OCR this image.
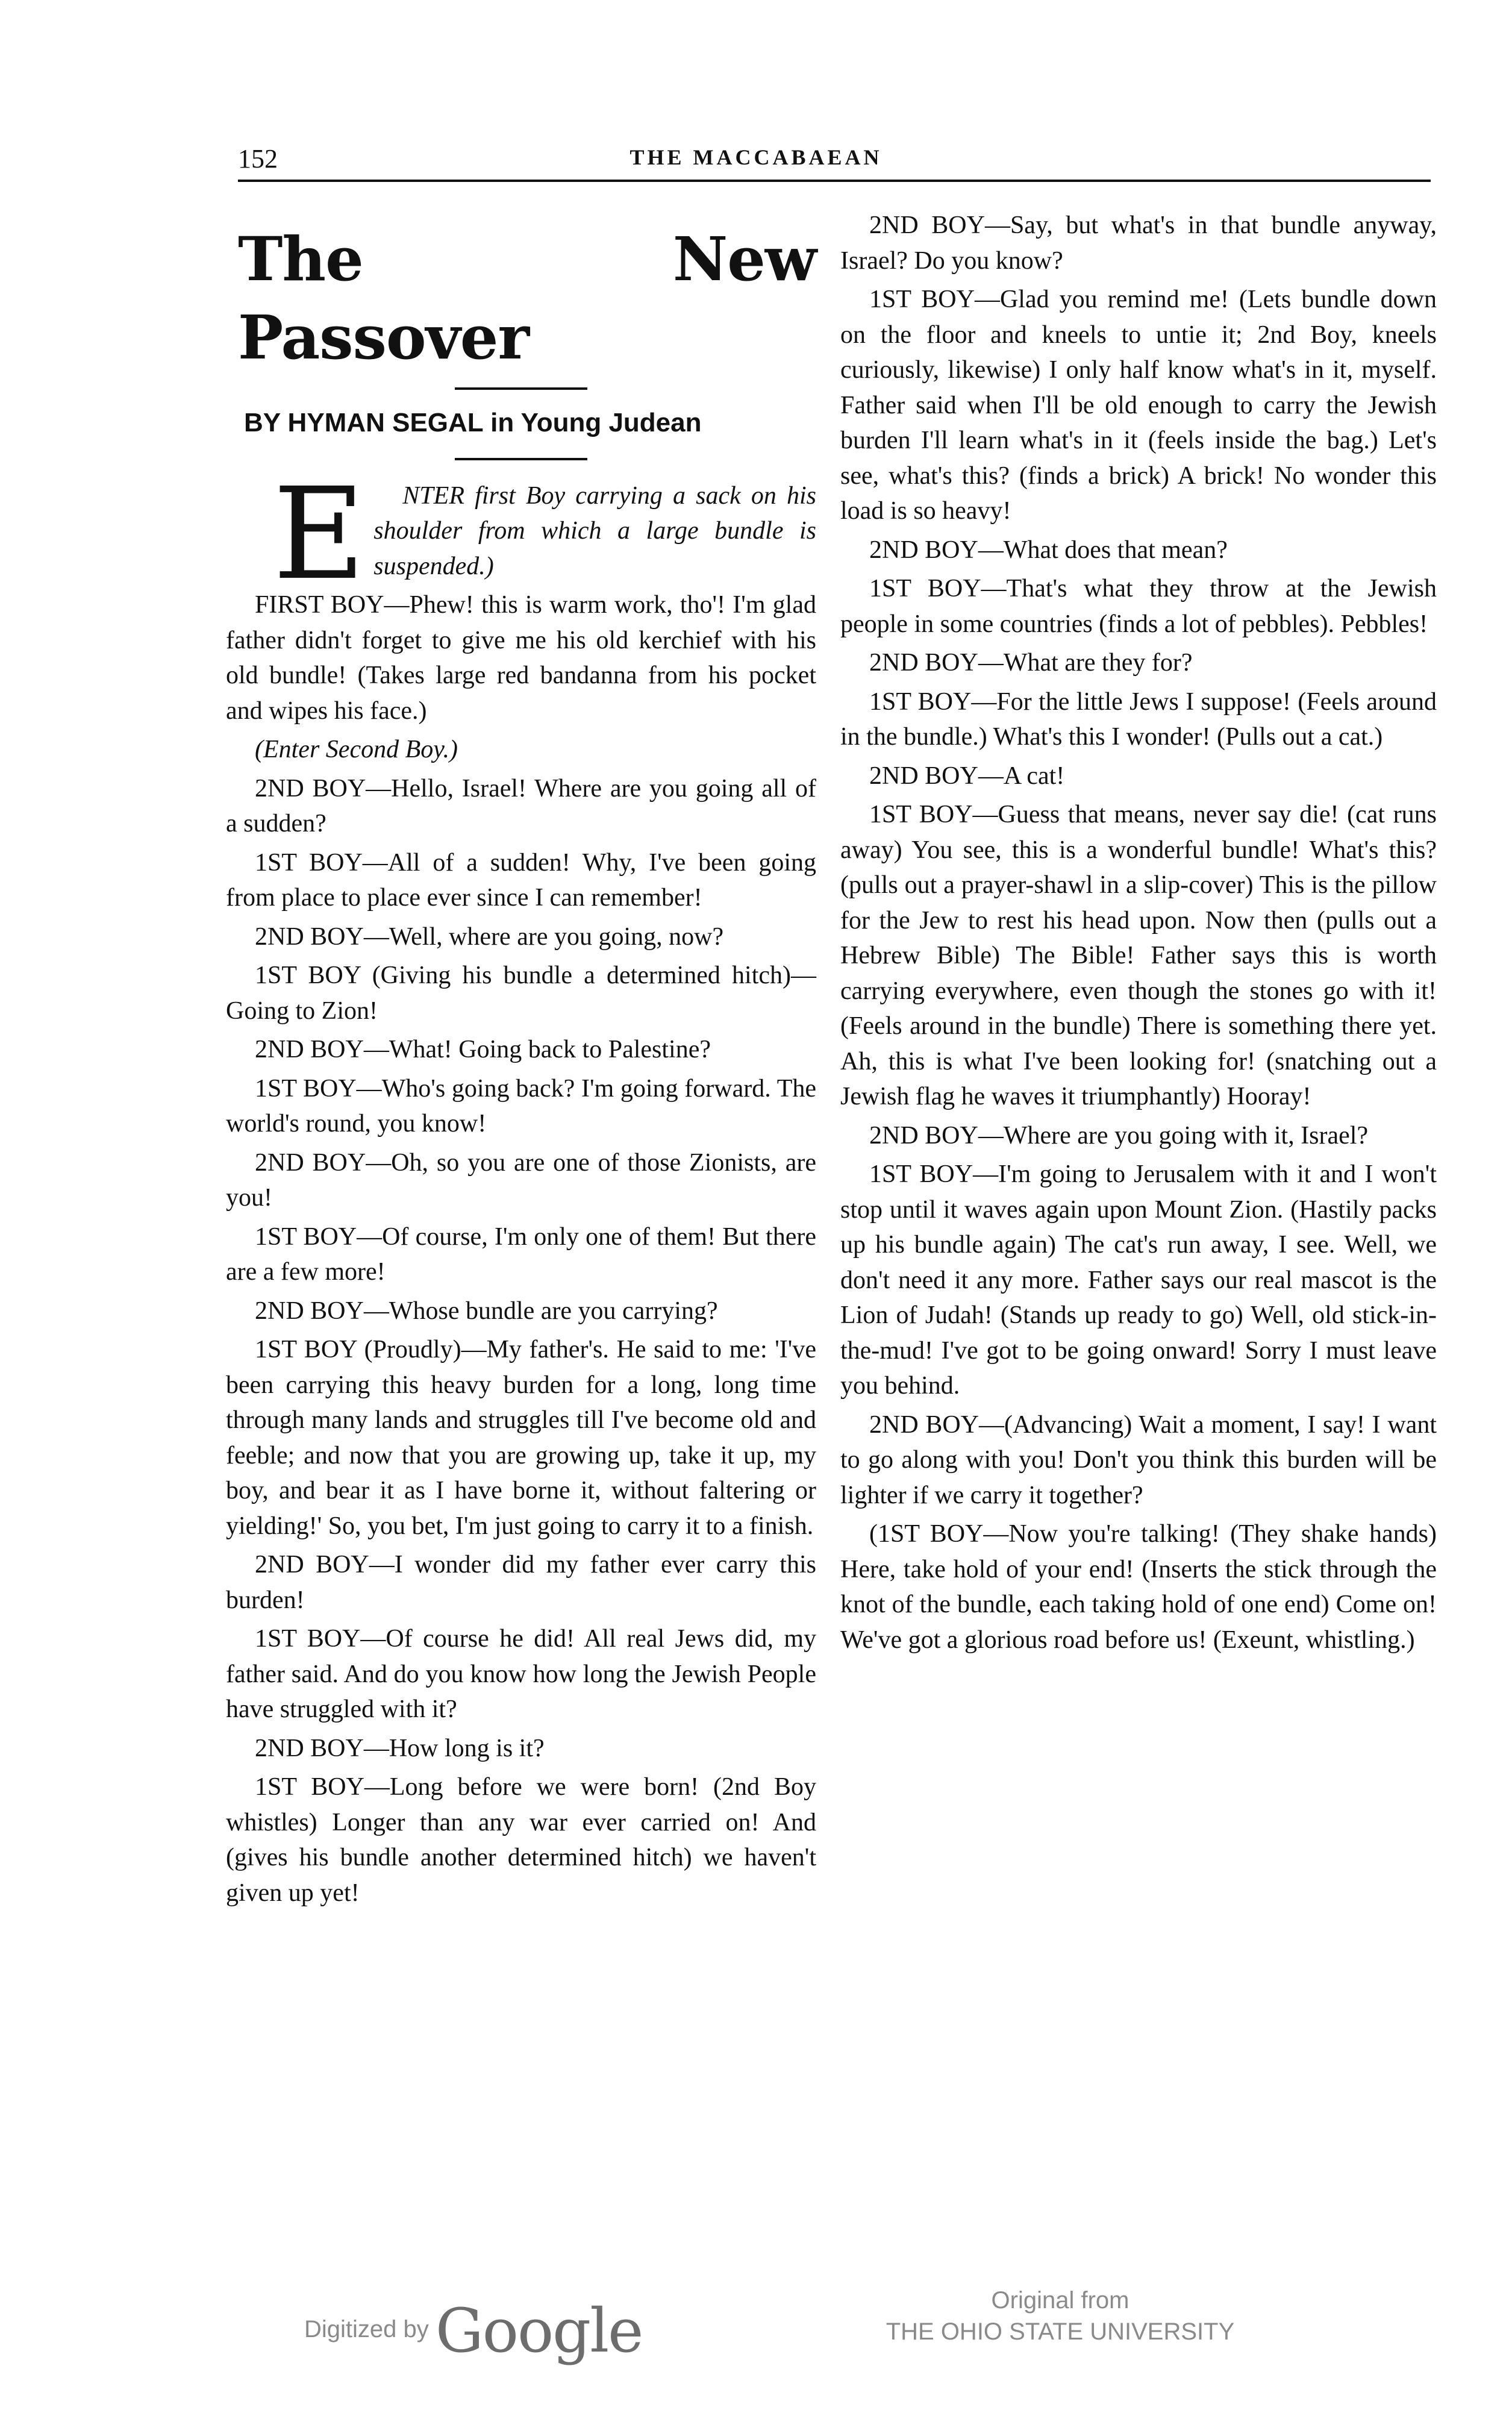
152	THE MACCABAEAN
The New Passover
BY HYMAN SEGAL in Young Judean

E NTER first Boy carrying a sack on his shoulder from which a large bundle is suspended.)

FIRST BOY—Phew! this is warm work, tho'! I'm glad father didn't forget to give me his old kerchief with his old bundle! (Takes large red bandanna from his pocket and wipes his face.)

(Enter Second Boy.)

2ND BOY—Hello, Israel! Where are you going all of a sudden?

1ST BOY—All of a sudden! Why, I've been going from place to place ever since I can remember!

2ND BOY—Well, where are you going, now?

1ST BOY (Giving his bundle a determined hitch)—Going to Zion!

2ND BOY—What! Going back to Palestine?

1ST BOY—Who's going back? I'm going forward. The world's round, you know!

2ND BOY—Oh, so you are one of those Zionists, are you!

1ST BOY—Of course, I'm only one of them! But there are a few more!

2ND BOY—Whose bundle are you carrying?

1ST BOY (Proudly)—My father's. He said to me: 'I've been carrying this heavy burden for a long, long time through many lands and struggles till I've become old and feeble; and now that you are growing up, take it up, my boy, and bear it as I have borne it, without faltering or yielding!' So, you bet, I'm just going to carry it to a finish.

2ND BOY—I wonder did my father ever carry this burden!

1ST BOY—Of course he did! All real Jews did, my father said. And do you know how long the Jewish People have struggled with it?

2ND BOY—How long is it?

1ST BOY—Long before we were born! (2nd Boy whistles) Longer than any war ever carried on! And (gives his bundle another determined hitch) we haven't given up yet!

2ND BOY—Say, but what's in that bundle anyway, Israel? Do you know?

1ST BOY—Glad you remind me! (Lets bundle down on the floor and kneels to untie it; 2nd Boy, kneels curiously, likewise) I only half know what's in it, myself. Father said when I'll be old enough to carry the Jewish burden I'll learn what's in it (feels inside the bag.) Let's see, what's this? (finds a brick) A brick! No wonder this load is so heavy!

2ND BOY—What does that mean?

1ST BOY—That's what they throw at the Jewish people in some countries (finds a lot of pebbles). Pebbles!

2ND BOY—What are they for?

1ST BOY—For the little Jews I suppose! (Feels around in the bundle.) What's this I wonder! (Pulls out a cat.)

2ND BOY—A cat!

1ST BOY—Guess that means, never say die! (cat runs away) You see, this is a wonderful bundle! What's this? (pulls out a prayer-shawl in a slip-cover) This is the pillow for the Jew to rest his head upon. Now then (pulls out a Hebrew Bible) The Bible! Father says this is worth carrying everywhere, even though the stones go with it! (Feels around in the bundle) There is something there yet. Ah, this is what I've been looking for! (snatching out a Jewish flag he waves it triumphantly) Hooray!

2ND BOY—Where are you going with it, Israel?

1ST BOY—I'm going to Jerusalem with it and I won't stop until it waves again upon Mount Zion. (Hastily packs up his bundle again) The cat's run away, I see. Well, we don't need it any more. Father says our real mascot is the Lion of Judah! (Stands up ready to go) Well, old stick-in-the-mud! I've got to be going onward! Sorry I must leave you behind.

2ND BOY—(Advancing) Wait a moment, I say! I want to go along with you! Don't you think this burden will be lighter if we carry it together?

(1ST BOY—Now you're talking! (They shake hands) Here, take hold of your end! (Inserts the stick through the knot of the bundle, each taking hold of one end) Come on! We've got a glorious road before us! (Exeunt, whistling.)

Digitized by Google	Original from
THE OHIO STATE UNIVERSITY
